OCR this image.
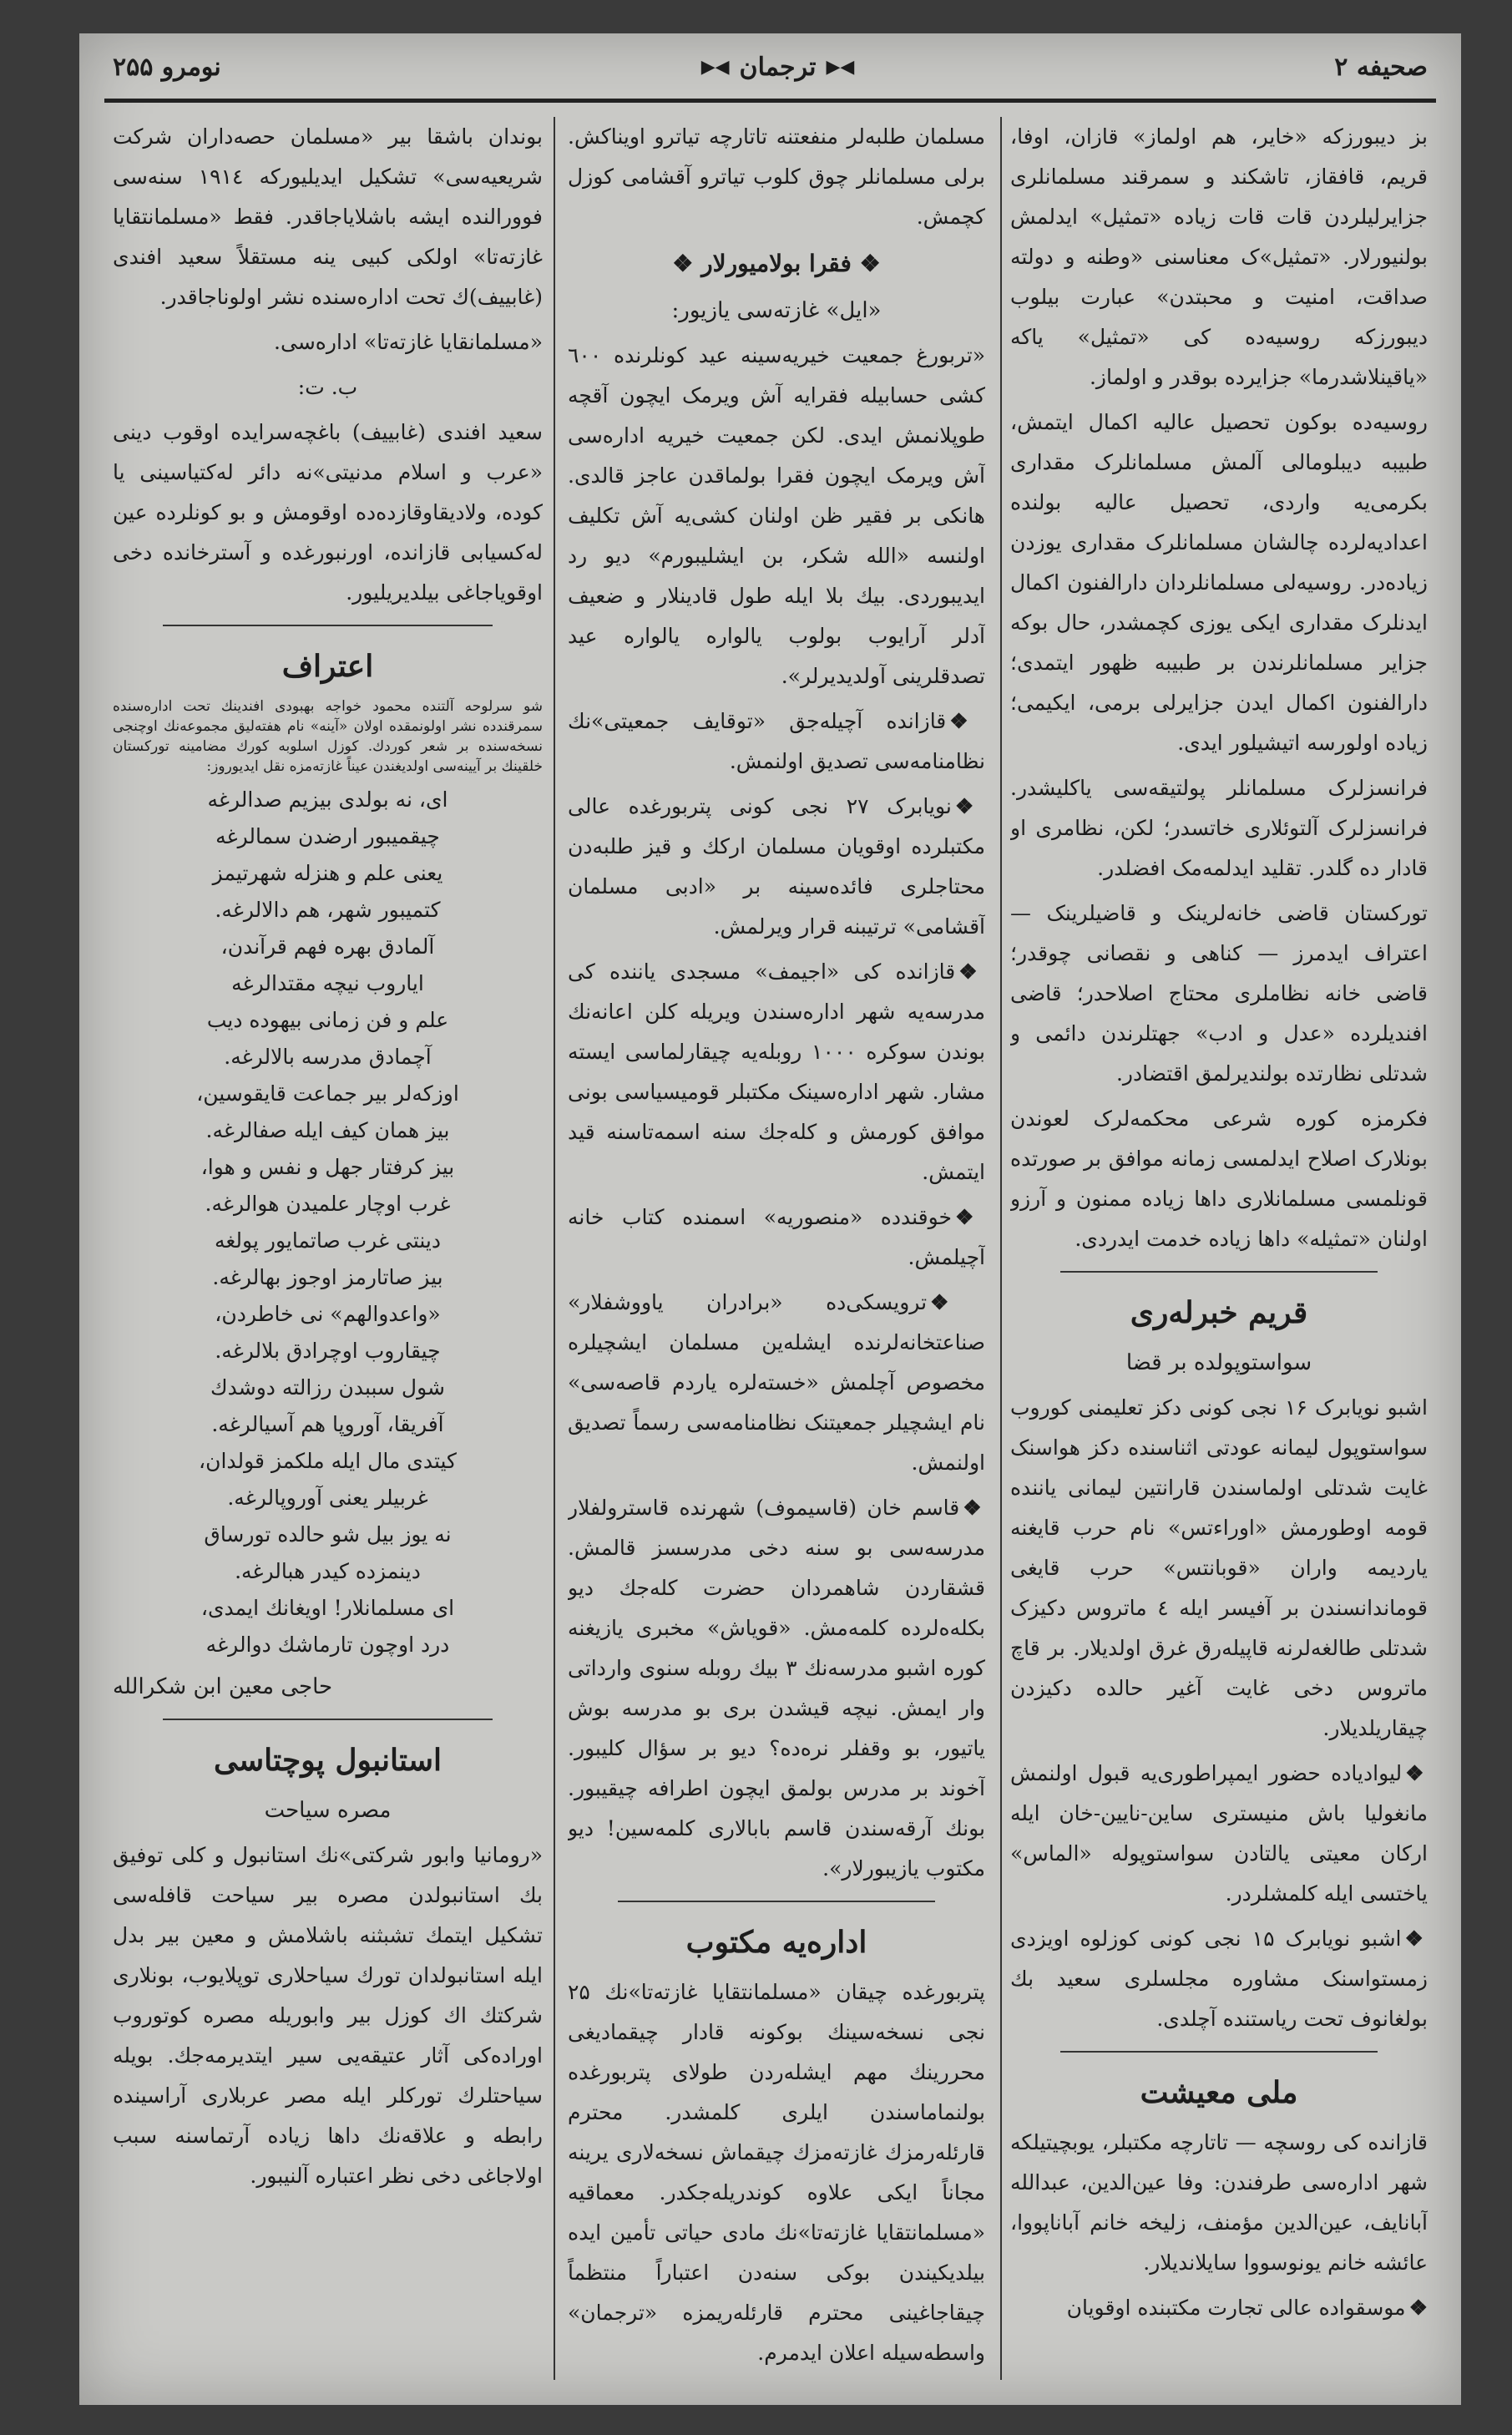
صحیفه ۲
◀▶
ترجمان
◀▶
نومرو ۲۵۵

بز دیبورزکه «خایر، هم اولماز» قازان، اوفا، قریم، قافقاز، تاشکند و سمرقند مسلمانلری جزایرلیلردن قات قات زیاده «تمثیل» ایدلمش بولنیورلار. «تمثیل»ک معناسنی «وطنه و دولته صداقت، امنیت و محبتدن» عبارت بیلوب دیبورزکه روسیه‌ده کی «تمثیل» یاکه «یاقینلاشدرما» جزایرده بوقدر و اولماز.

روسیه‌ده بوکون تحصیل عالیه اکمال ایتمش، طبیبه دیبلومالی آلمش مسلمانلرک مقداری بکرمی‌یه واردی، تحصیل عالیه بولنده اعدادیه‌لرده چالشان مسلمانلرک مقداری یوزدن زیاده‌در. روسیه‌لی مسلمانلردان دارالفنون اکمال ایدنلرک مقداری ایکی یوزی کچمشدر، حال بوکه جزایر مسلمانلرندن بر طبیبه ظهور ایتمدی؛ دارالفنون اکمال ایدن جزایرلی برمی، ایکیمی؛ زیاده اولورسه اتیشیلور ایدی.

فرانسزلرک مسلمانلر پولتیقه‌سی یاکلیشدر. فرانسزلرک آلتوئلاری خاتسدر؛ لکن، نظامری او قادار ده گلدر. تقلید ایدلمه‌مک افضلدر.

تورکستان قاضی خانه‌لرینک و قاضیلرینک — اعتراف ایدمرز — کناهی و نقصانی چوقدر؛ قاضی خانه نظاملری محتاج اصلاحدر؛ قاضی افندیلرده «عدل و ادب» جهتلرندن دائمی و شدتلی نظارتده بولندیرلمق اقتضادر.

فکرمزه کوره شرعی محکمه‌لرک لعوندن بونلارک اصلاح ایدلمسی زمانه موافق بر صورتده قونلمسی مسلمانلاری داها زیاده ممنون و آرزو اولنان «تمثیله» داها زیاده خدمت ایدردی.

قریم خبرله‌ری
سواستوپولده بر قضا

اشبو نویابرک ۱۶ نجی کونی دکز تعلیمنی کوروب سواستوپول لیمانه عودتی اثناسنده دکز هواسنک غایت شدتلی اولماسندن قارانتین لیمانی یاننده قومه اوطورمش «اوراءتس» نام حرب قایغنه یاردیمه واران «قوبانتس» حرب قایغی قوماندانسندن بر آفیسر ایله ٤ ماتروس دکیزک شدتلی طالغه‌لرنه قاپیله‌رق غرق اولدیلار. بر قاچ ماتروس دخی غایت آغیر حالده دکیزدن چیقاریلدیلار.

❖لیوادیاده حضور ایمپراطوری‌یه قبول اولنمش مانغولیا باش منیستری ساین-نایین-خان ایله ارکان معیتی یالتادن سواستوپوله «الماس» یاختسی ایله کلمشلردر.

❖اشبو نویابرک ۱۵ نجی کونی کوزلوه اویزدی زمستواسنک مشاوره مجلسلری سعید بك بولغانوف تحت ریاستنده آچلدی.

ملی معیشت

قازانده کی روسچه — تاتارچه مکتبلر، یوبچیتیلکه شهر اداره‌سی طرفندن: وفا عین‌الدین، عبدالله آبانایف، عین‌الدین مؤمنف، زلیخه خانم آباناپووا، عائشه خانم یونوسووا سایلاندیلار.

❖موسقواده عالی تجارت مکتبنده اوقویان

مسلمان طلبه‌لر منفعتنه تاتارچه تیاترو اویناکش. برلی مسلمانلر چوق کلوب تیاترو آقشامی کوزل کچمش.

❖ فقرا بولامیورلار ❖
«ایل» غازته‌سی یازیور:

«تربورغ جمعیت خیریه‌سینه عید کونلرنده ٦٠٠ کشی حسابیله فقرایه آش ویرمک ایچون آقچه طوپلانمش ایدی. لکن جمعیت خیریه اداره‌سی آش ویرمک ایچون فقرا بولماقدن عاجز قالدی. هانکی بر فقیر ظن اولنان کشی‌یه آش تکلیف اولنسه «الله شکر، بن ایشلیبورم» دیو رد ایدیبوردی. بیك بلا ایله طول قادینلار و ضعیف آدلر آرایوب بولوب یالواره یالواره عید تصدقلرینی آولدیدیرلر».

❖قازانده آچیله‌جق «توقایف جمعیتی»نك نظامنامه‌سی تصدیق اولنمش.

❖نویابرک ۲۷ نجی کونی پتربورغده عالی مکتبلرده اوقویان مسلمان ارکك و قیز طلبه‌دن محتاجلری فائده‌سینه بر «ادبی مسلمان آقشامی» ترتیبنه قرار ویرلمش.

❖قازانده کی «اجیمف» مسجدی یاننده کی مدرسه‌یه شهر اداره‌سندن ویریله کلن اعانه‌نك بوندن سوکره ۱۰۰۰ روبله‌یه چیقارلماسی ایسته مشار. شهر اداره‌سینک مکتبلر قومیسیاسی بونی موافق کورمش و کله‌جك سنه اسمه‌تاسنه قید ایتمش.

❖خوقندده «منصوریه» اسمنده کتاب خانه آچیلمش.

❖ترویسکی‌ده «برادران یاووشفلار» صناعتخانه‌لرنده ایشله‌ین مسلمان ایشچیلره مخصوص آچلمش «خسته‌لره یاردم قاصه‌سی» نام ایشچیلر جمعیتنک نظامنامه‌سی رسماً تصدیق اولنمش.

❖قاسم خان (قاسیموف) شهرنده قاسترولفلار مدرسه‌سی بو سنه دخی مدرسسز قالمش. قشقاردن شاهمردان حضرت کله‌جك دیو بکله‌ه‌لرده کلمه‌مش. «قویاش» مخبری یازیغنه کوره اشبو مدرسه‌نك ۳ بیك روبله سنوی وارداتی وار ایمش. نیچه قیشدن بری بو مدرسه بوش یاتیور، بو وقفلر نره‌ده؟ دیو بر سؤال کلیبور. آخوند بر مدرس بولمق ایچون اطرافه چیقیبور. بونك آرقه‌سندن قاسم بابالاری کلمه‌سین! دیو مکتوب یازیبورلار».

اداره‌یه مکتوب

پتربورغده چیقان «مسلمانتقایا غازته‌تا»نك ۲۵ نجی نسخه‌سینك بوکونه قادار چیقمادیغی محررینك مهم ایشله‌ردن طولای پتربورغده بولنماماسندن ایلری کلمشدر. محترم قارئله‌رمزك غازته‌مزك چیقماش نسخه‌لاری یرینه مجاناً ایکی علاوه کوندریله‌جکدر. معماقیه «مسلمانتقایا غازته‌تا»نك مادی حیاتی تأمین ایده بیلدیکیندن بوکی سنه‌دن اعتباراً منتظماً چیقاجاغینی محترم قارئله‌ریمزه «ترجمان» واسطه‌سیله اعلان ایدمرم.

بوندان باشقا بیر «مسلمان حصه‌داران شرکت شریعیه‌سی» تشکیل ایدیلیورکه ۱۹۱٤ سنه‌سی فوورالنده ایشه باشلایاجاقدر. فقط «مسلمانتقایا غازته‌تا» اولکی کبیی ینه مستقلاً سعید افندی (غابییف)ك تحت اداره‌سنده نشر اولوناجاقدر.

«مسلمانقایا غازته‌تا» اداره‌سی.

ب. ت:

سعید افندی (غابییف) باغچه‌سرایده اوقوب دینی «عرب و اسلام مدنیتی»نه دائر له‌کتیاسینی یا کوده، ولادیقاوقازده‌ده اوقومش و بو کونلرده عین له‌کسیابی قازانده، اورنبورغده و آسترخانده دخی اوقویاجاغی بیلدیریلیور.

اعتراف

شو سرلوحه آلتنده محمود خواجه بهبودی افندینك تحت اداره‌سنده سمرقندده نشر اولونمقده اولان «آینه» نام هفته‌لیق مجموعه‌نك اوچنجی نسخه‌سنده بر شعر کوردك. کوزل اسلوبه کورك مضامینه تورکستان خلقینك بر آیینه‌سی اولدیغندن عیناً غازته‌مزه نقل ایدیوروز:

ای، نه بولدی بیزیم صدالرغه
چیقمیبور ارضدن سمالرغه
یعنی علم و هنزله شهرتیمز
کتمیبور شهر، هم دالالرغه.
آلمادق بهره فهم قرآندن،
ایاروب نیچه مقتدالرغه
علم و فن زمانی بیهوده دیب
آچمادق مدرسه بالالرغه.
اوزکه‌لر بیر جماعت قایقوسین،
بیز همان کیف ایله صفالرغه.
بیز کرفتار جهل و نفس و هوا،
غرب اوچار علمیدن هوالرغه.
دینتی غرب صاتمایور پولغه
بیز صاتارمز اوجوز بهالرغه.
«واعدوالهم» نی خاطردن،
چیقاروب اوچرادق بلالرغه.
شول سببدن رزالته دوشدك
آفریقا، آوروپا هم آسیالرغه.
کیتدی مال ایله ملکمز قولدان،
غربیلر یعنی آوروپالرغه.
نه یوز بیل شو حالده تورساق
دینمزده کیدر هبالرغه.
ای مسلمانلار! اویغانك ایمدی،
درد اوچون تارماشك دوالرغه
حاجی معین ابن شکرالله
استانبول پوچتاسی
مصره سیاحت

«رومانیا وابور شرکتی»نك استانبول و کلی توفیق بك استانبولدن مصره بیر سیاحت قافله‌سی تشکیل ایتمك تشبثنه باشلامش و معین بیر بدل ایله استانبولدان تورك سیاحلاری توپلایوب، بونلاری شرکتك اك کوزل بیر وابوریله مصره کوتوروب اوراده‌کی آثار عتیقه‌یی سیر ایتدیرمه‌جك. بویله سیاحتلرك تورکلر ایله مصر عربلاری آراسینده رابطه و علاقه‌نك داها زیاده آرتماسنه سبب اولاجاغی دخی نظر اعتباره آلنیبور.
